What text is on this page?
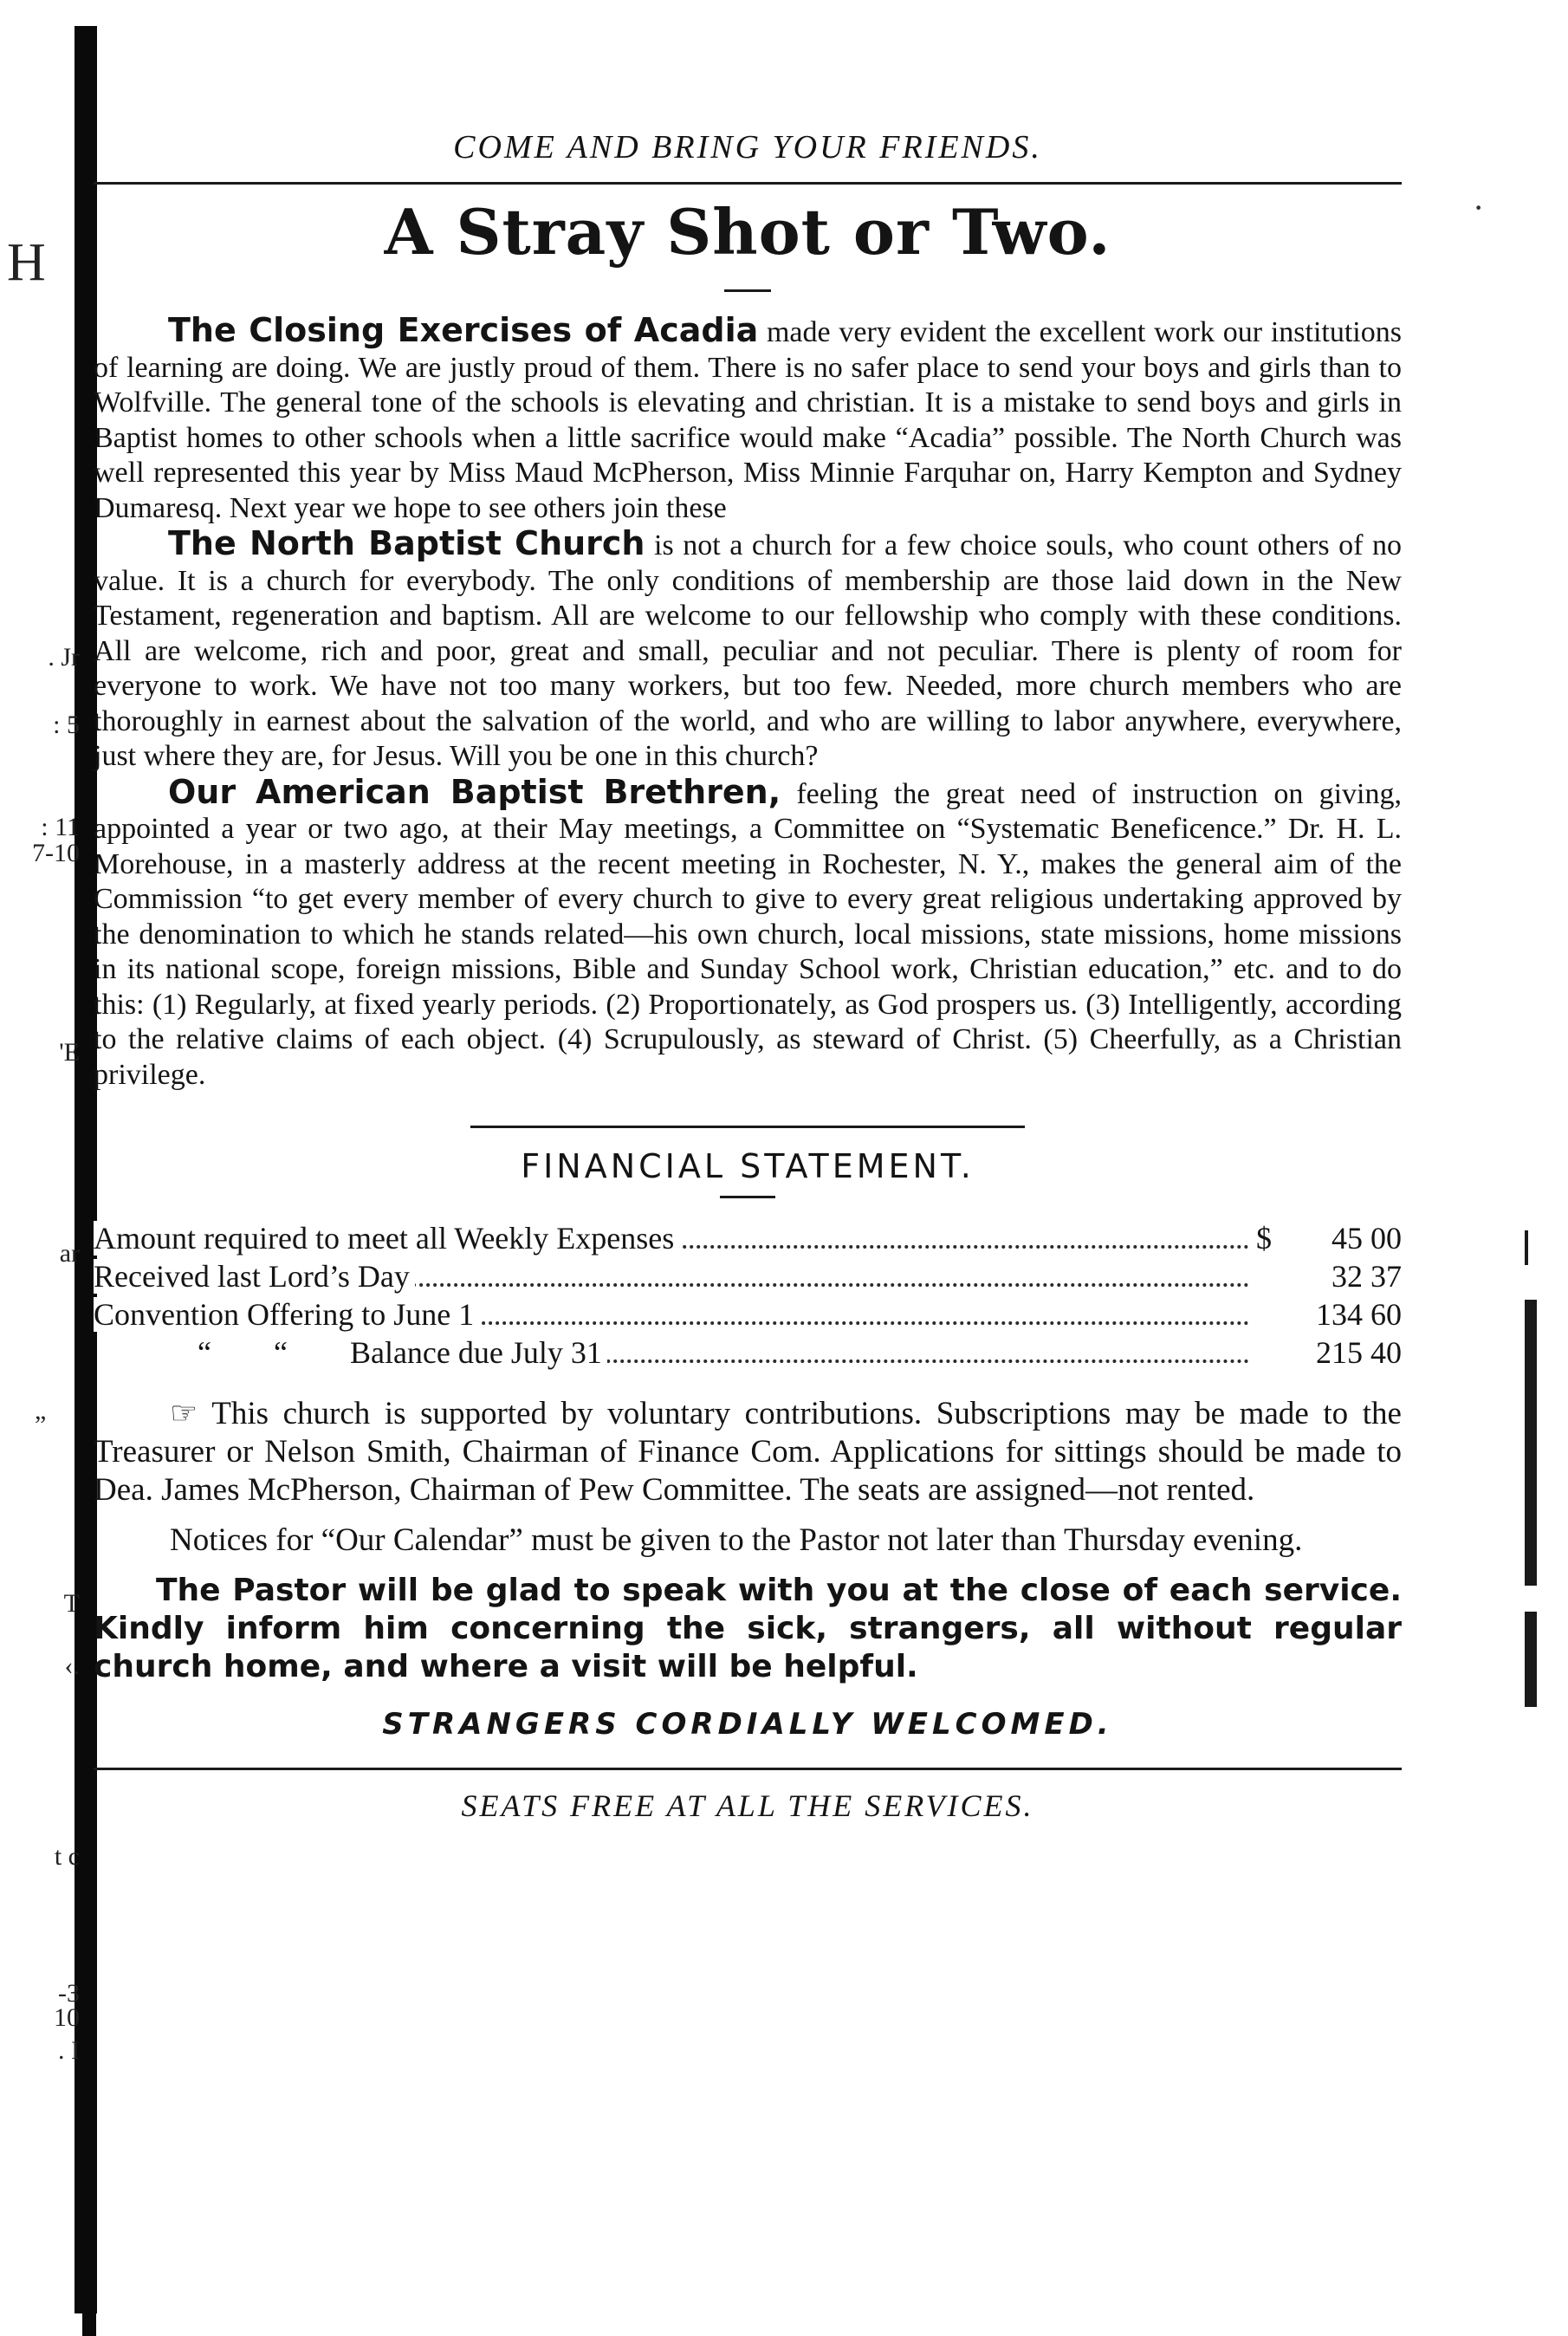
H
. Jr
: 5
: 11
7-10
'E
ar
”
T
‹.
t c
-3
10
. I
·
COME AND BRING YOUR FRIENDS.
A Stray Shot or Two.

The Closing Exercises of Acadia made very evident the excellent work our institutions of learning are doing. We are justly proud of them. There is no safer place to send your boys and girls than to Wolfville. The general tone of the schools is elevating and christian. It is a mistake to send boys and girls in Baptist homes to other schools when a little sacrifice would make “Acadia” possible. The North Church was well represented this year by Miss Maud McPherson, Miss Minnie Farquhar on, Harry Kempton and Sydney Dumaresq. Next year we hope to see others join these

The North Baptist Church is not a church for a few choice souls, who count others of no value. It is a church for everybody. The only conditions of membership are those laid down in the New Testament, regeneration and baptism. All are welcome to our fellowship who comply with these conditions. All are welcome, rich and poor, great and small, peculiar and not peculiar. There is plenty of room for everyone to work. We have not too many workers, but too few. Needed, more church members who are thoroughly in earnest about the salvation of the world, and who are willing to labor anywhere, everywhere, just where they are, for Jesus. Will you be one in this church?

Our American Baptist Brethren, feeling the great need of instruction on giving, appointed a year or two ago, at their May meetings, a Committee on “Systematic Beneficence.” Dr. H. L. Morehouse, in a masterly address at the recent meeting in Rochester, N. Y., makes the general aim of the Commission “to get every member of every church to give to every great religious undertaking approved by the denomination to which he stands related—his own church, local missions, state missions, home missions in its national scope, foreign missions, Bible and Sunday School work, Christian education,” etc. and to do this: (1) Regularly, at fixed yearly periods. (2) Proportionately, as God prospers us. (3) Intelligently, according to the relative claims of each object. (4) Scrupulously, as steward of Christ. (5) Cheerfully, as a Christian privilege.

FINANCIAL STATEMENT.
Amount required to meet all Weekly Expenses	$	45 00

Received last Lord’s Day		32 37

Convention Offering to June 1		134 60

“        “        Balance due July 31		215 40

☞ This church is supported by voluntary contributions. Subscriptions may be made to the Treasurer or Nelson Smith, Chairman of Finance Com. Applications for sittings should be made to Dea. James McPherson, Chairman of Pew Committee. The seats are assigned—not rented.

Notices for “Our Calendar” must be given to the Pastor not later than Thursday evening.

The Pastor will be glad to speak with you at the close of each service. Kindly inform him concerning the sick, strangers, all without regular church home, and where a visit will be helpful.

STRANGERS CORDIALLY WELCOMED.
SEATS FREE AT ALL THE SERVICES.
